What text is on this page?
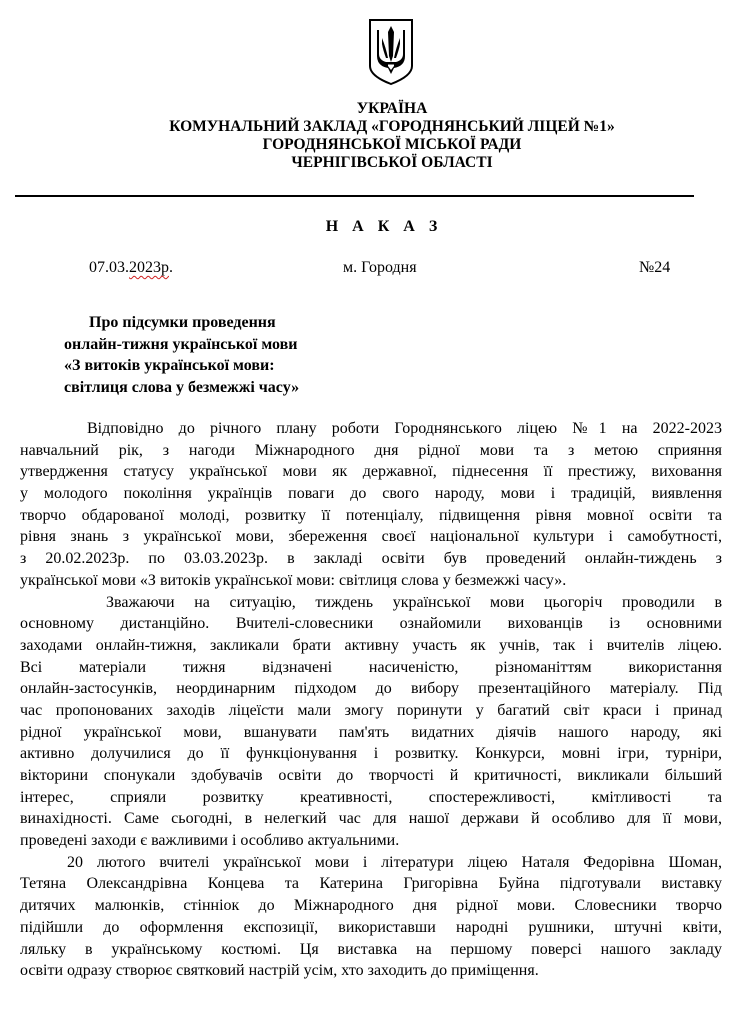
УКРАЇНА
КОМУНАЛЬНИЙ ЗАКЛАД «ГОРОДНЯНСЬКИЙ ЛІЦЕЙ №1»
ГОРОДНЯНСЬКОЇ МІСЬКОЇ РАДИ
ЧЕРНІГІВСЬКОЇ ОБЛАСТІ
Н А К А З
07.03.2023р.	м. Городня	№24
Про підсумки проведення
онлайн-тижня української мови
«З витоків української мови:
світлиця слова у безмежжі часу»
Відповідно до річного плану роботи Городнянського ліцею №1 на 2022-2023
навчальний рік, з нагоди Міжнародного дня рідної мови та з метою сприяння
утвердження статусу української мови як державної, піднесення її престижу, виховання
у молодого покоління українців поваги до свого народу, мови і традицій, виявлення
творчо обдарованої молоді, розвитку її потенціалу, підвищення рівня мовної освіти та
рівня знань з української мови, збереження своєї національної культури і самобутності,
з 20.02.2023р. по 03.03.2023р. в закладі освіти був проведений онлайн-тиждень з
української мови «З витоків української мови: світлиця слова у безмежжі часу».
Зважаючи на ситуацію, тиждень української мови цьогоріч проводили в
основному дистанційно. Вчителі-словесники ознайомили вихованців із основними
заходами онлайн-тижня, закликали брати активну участь як учнів, так і вчителів ліцею.
Всі матеріали тижня відзначені насиченістю, різноманіттям використання
онлайн-застосунків, неординарним підходом до вибору презентаційного матеріалу. Під
час пропонованих заходів ліцеїсти мали змогу поринути у багатий світ краси і принад
рідної української мови, вшанувати пам'ять видатних діячів нашого народу, які
активно долучилися до її функціонування і розвитку. Конкурси, мовні ігри, турніри,
вікторини спонукали здобувачів освіти до творчості й критичності, викликали більший
інтерес, сприяли розвитку креативності, спостережливості, кмітливості та
винахідності. Саме сьогодні, в нелегкий час для нашої держави й особливо для її мови,
проведені заходи є важливими і особливо актуальними.
20 лютого вчителі української мови і літератури ліцею Наталя Федорівна Шоман,
Тетяна Олександрівна Концева та Катерина Григорівна Буйна підготували виставку
дитячих малюнків, стінніок до Міжнародного дня рідної мови. Словесники творчо
підійшли до оформлення експозиції, використавши народні рушники, штучні квіти,
ляльку в українському костюмі. Ця виставка на першому поверсі нашого закладу
освіти одразу створює святковий настрій усім, хто заходить до приміщення.
